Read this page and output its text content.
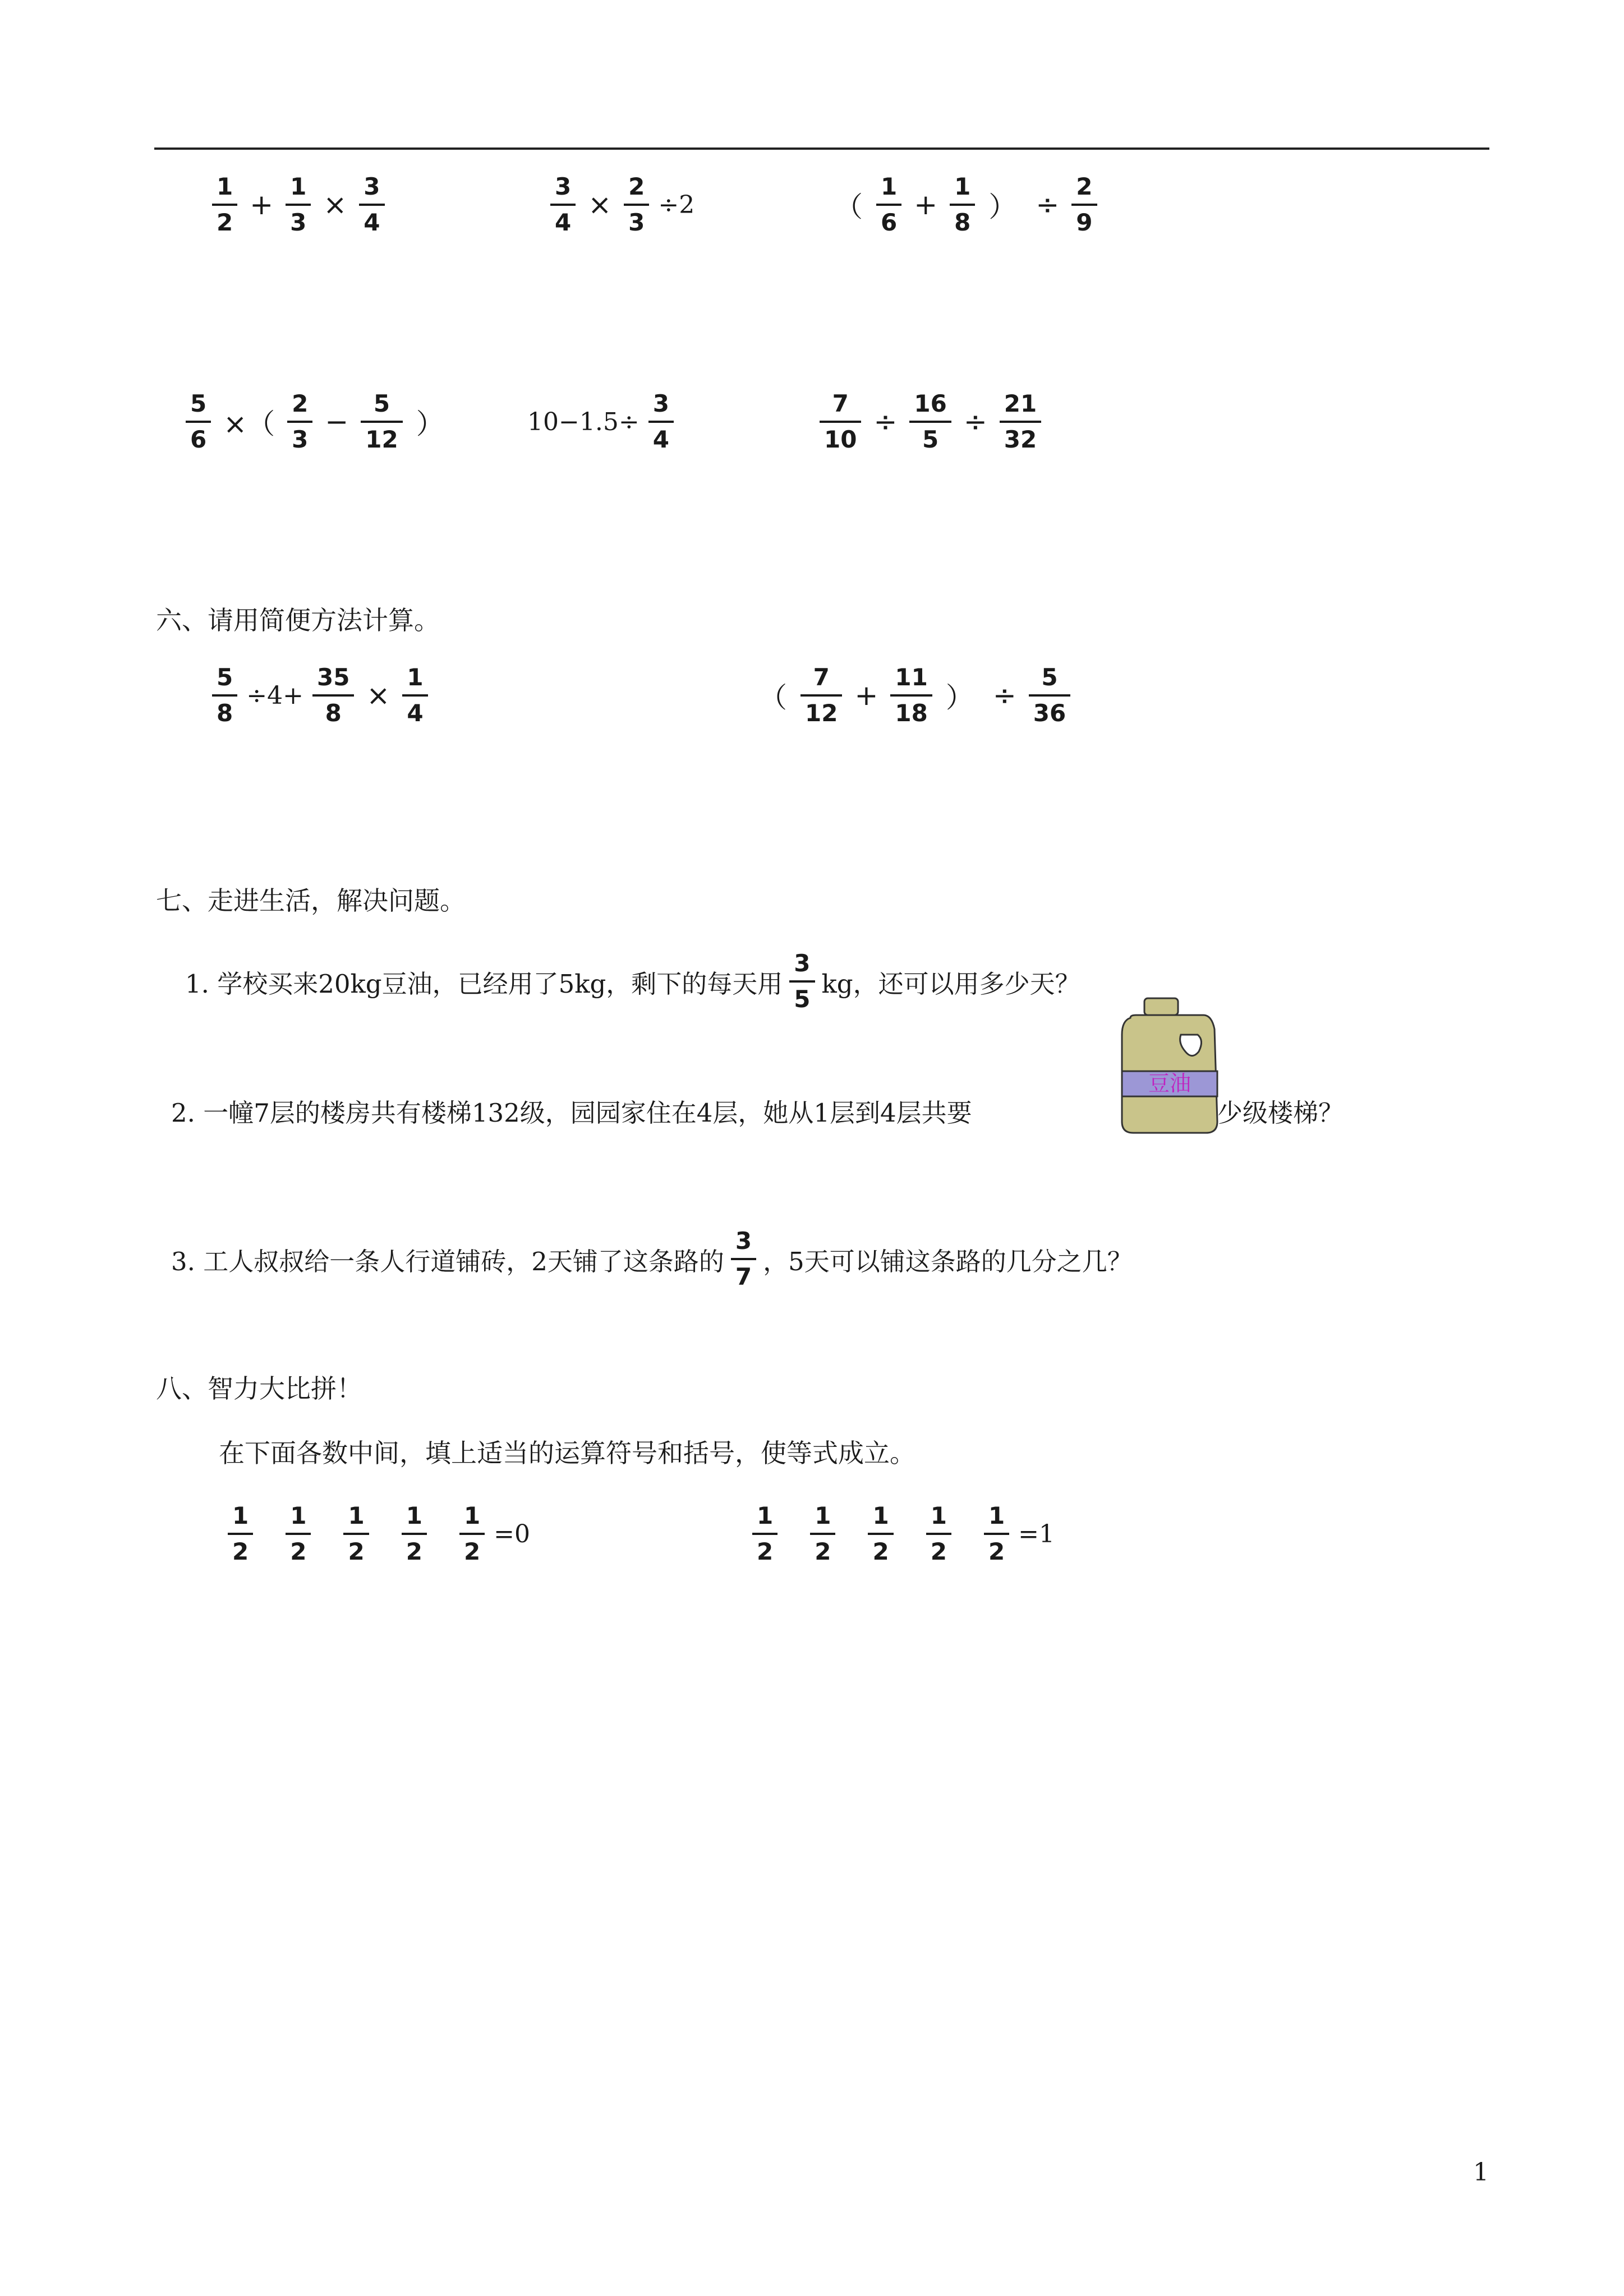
$\frac{1}{2} + \frac{1}{3} \times \frac{3}{4}$	$\frac{3}{4} \times \frac{2}{3} \div 2$	（ $\frac{1}{6} + \frac{1}{8}$ ） ÷ $\frac{2}{9}$
$\frac{5}{6}$ ×（ $\frac{2}{3} - \frac{5}{12}$ ）	$10-1.5\div \frac{3}{4}$	$\frac{7}{10} \div \frac{16}{5} \div \frac{21}{32}$
六、请用简便方法计算。
$\frac{5}{8} \div 4+ \frac{35}{8} \times \frac{1}{4}$	（ $\frac{7}{12} + \frac{11}{18}$ ） ÷ $\frac{5}{36}$
七、走进生活，解决问题。
1. 学校买来20kg豆油，已经用了5kg，剩下的每天用 $\frac{3}{5}$ kg，还可以用多少天？
2. 一幢7层的楼房共有楼梯132级，园园家住在4层，她从1层到4层共要	少级楼梯？
豆油
3. 工人叔叔给一条人行道铺砖，2天铺了这条路的 $\frac{3}{7}$ ，5天可以铺这条路的几分之几？
八、智力大比拼！
在下面各数中间，填上适当的运算符号和括号，使等式成立。
$\frac{1}{2} \frac{1}{2} \frac{1}{2} \frac{1}{2} \frac{1}{2} =0$	$\frac{1}{2} \frac{1}{2} \frac{1}{2} \frac{1}{2} \frac{1}{2} =1$
1
